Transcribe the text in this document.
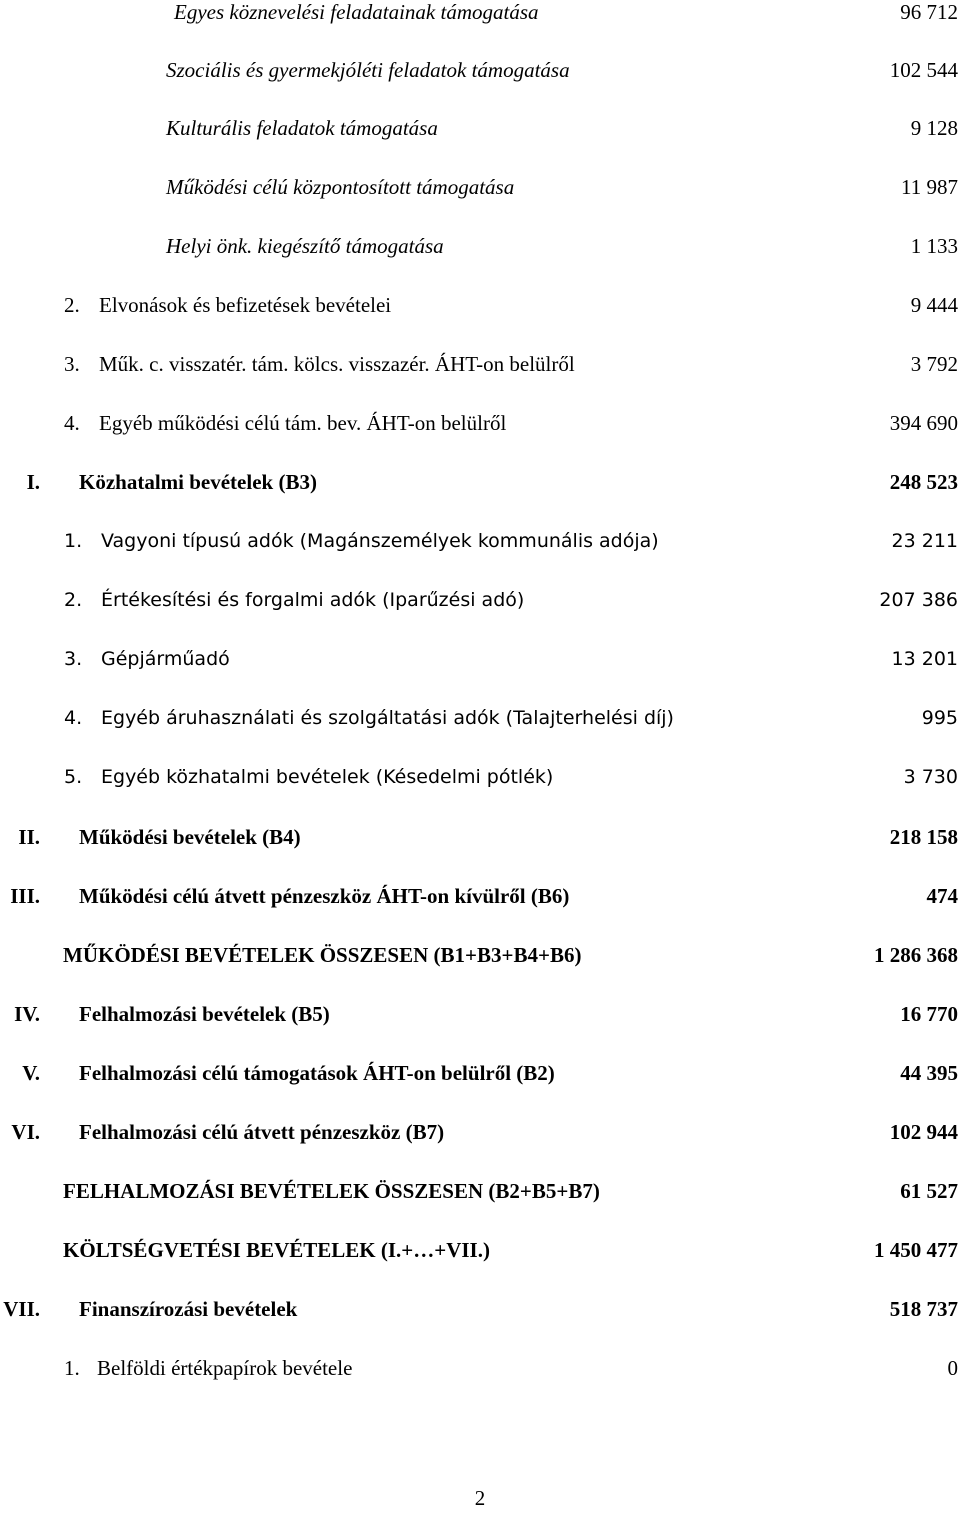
Egyes köznevelési feladatainak támogatása	96 712
Szociális és gyermekjóléti feladatok támogatása	102 544
Kulturális feladatok támogatása	9 128
Működési célú központosított támogatása	11 987
Helyi önk. kiegészítő támogatása	1 133
2. Elvonások és befizetések bevételei	9 444
3. Műk. c. visszatér. tám. kölcs. visszazér. ÁHT-on belülről	3 792
4. Egyéb működési célú tám. bev. ÁHT-on belülről	394 690
I. Közhatalmi bevételek (B3)	248 523
1. Vagyoni típusú adók (Magánszemélyek kommunális adója)	23 211
2. Értékesítési és forgalmi adók (Iparűzési adó)	207 386
3. Gépjárműadó	13 201
4. Egyéb áruhasználati és szolgáltatási adók (Talajterhelési díj)	995
5. Egyéb közhatalmi bevételek (Késedelmi pótlék)	3 730
II. Működési bevételek (B4)	218 158
III. Működési célú átvett pénzeszköz ÁHT-on kívülről (B6)	474
MŰKÖDÉSI BEVÉTELEK ÖSSZESEN (B1+B3+B4+B6)	1 286 368
IV. Felhalmozási bevételek (B5)	16 770
V. Felhalmozási célú támogatások ÁHT-on belülről (B2)	44 395
VI. Felhalmozási célú átvett pénzeszköz (B7)	102 944
FELHALMOZÁSI BEVÉTELEK ÖSSZESEN (B2+B5+B7)	61 527
KÖLTSÉGVETÉSI BEVÉTELEK (I.+…+VII.)	1 450 477
VII. Finanszírozási bevételek	518 737
1. Belföldi értékpapírok bevétele	0
2
